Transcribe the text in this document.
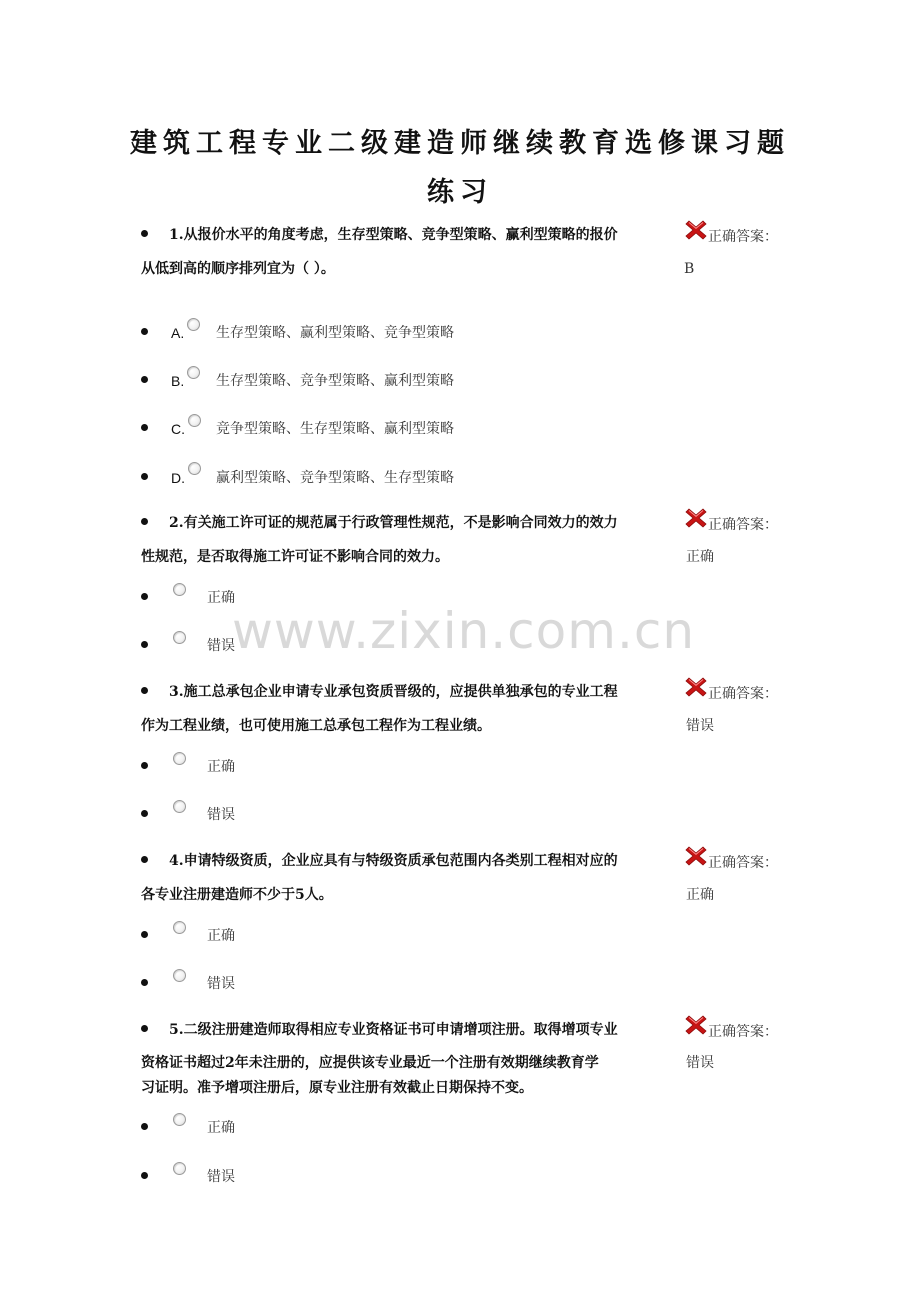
建筑工程专业二级建造师继续教育选修课习题
练习
1.从报价水平的角度考虑，生存型策略、竞争型策略、赢利型策略的报价	正确答案：
从低到高的顺序排列宜为（ ）。	B
A. 生存型策略、赢利型策略、竞争型策略
B. 生存型策略、竞争型策略、赢利型策略
C. 竞争型策略、生存型策略、赢利型策略
D. 赢利型策略、竞争型策略、生存型策略
2.有关施工许可证的规范属于行政管理性规范，不是影响合同效力的效力	正确答案：
性规范，是否取得施工许可证不影响合同的效力。	正确
正确
错误
3.施工总承包企业申请专业承包资质晋级的，应提供单独承包的专业工程	正确答案：
作为工程业绩，也可使用施工总承包工程作为工程业绩。	错误
正确
错误
4.申请特级资质，企业应具有与特级资质承包范围内各类别工程相对应的	正确答案：
各专业注册建造师不少于5人。	正确
正确
错误
5.二级注册建造师取得相应专业资格证书可申请增项注册。取得增项专业	正确答案：
资格证书超过2年未注册的，应提供该专业最近一个注册有效期继续教育学	错误
习证明。准予增项注册后，原专业注册有效截止日期保持不变。
正确
错误
www.zixin.com.cn
